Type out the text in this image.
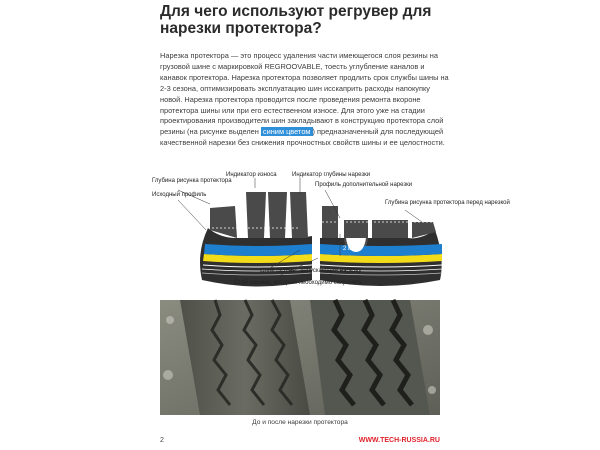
Для чего используют регрувер для нарезки протектора?
Нарезка протектора — это процесс удаления части имеющегося слоя резины на грузовой шине с маркировкой REGROOVABLE, тоесть углубление каналов и канавок протектора. Нарезка протектора позволяет продлить срок службы шины на 2-3 сезона, оптимизировать эксплуатацию шин исскаприть расходы напокупку новой. Нарезка протектора проводится после проведения ремонта вкороне протектора шины или при его естественном износе. Для этого уже на стадии проектирования производители шин закладывают в конструкцию протектора слой резины (на рисунке выделен синим цветом ) предназначенный для последующей качественной нарезки без снижения прочностных свойств шины и ее целостности.
Глубина рисунка протектора
Индикатор износа	Индикатор глубины нарезки
Исходный профиль
Профиль дополнительной нарезки
Глубина рисунка протектора перед нарезкой
2 мм
Слой резины, допускающий нарезку
Слой резины, который необходимо сохранить
До и после нарезки протектора
2	WWW.TECH-RUSSIA.RU
